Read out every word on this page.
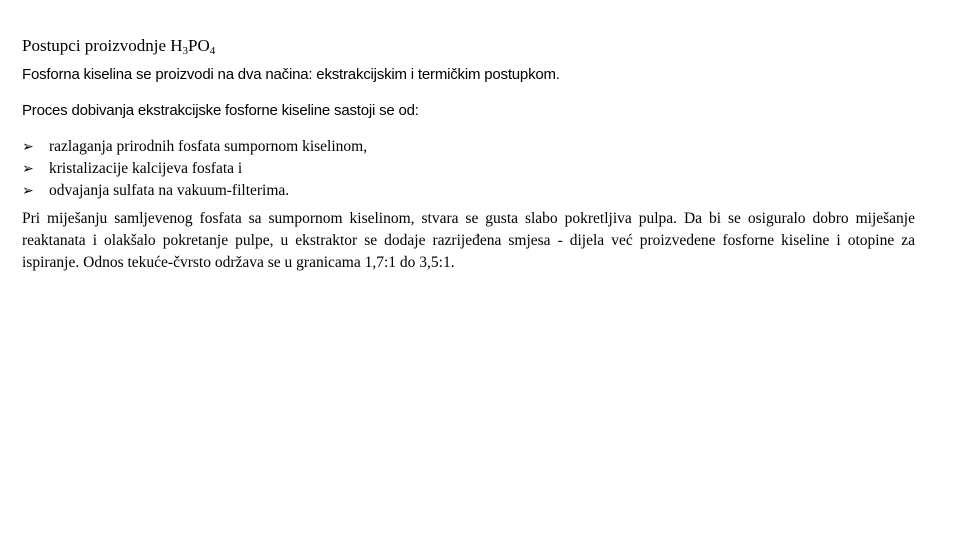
Postupci proizvodnje $H_3PO_4$

Fosforna kiselina se proizvodi na dva načina: ekstrakcijskim i termičkim postupkom.

Proces dobivanja ekstrakcijske fosforne kiseline sastoji se od:

➢ razlaganja prirodnih fosfata sumpornom kiselinom,
➢ kristalizacije kalcijeva fosfata i
➢ odvajanja sulfata na vakuum-filterima.

Pri miješanju samljevenog fosfata sa sumpornom kiselinom, stvara se gusta slabo pokretljiva pulpa. Da bi se osiguralo dobro miješanje reaktanata i olakšalo pokretanje pulpe, u ekstraktor se dodaje razrijeđena smjesa - dijela već proizvedene fosforne kiseline i otopine za ispiranje. Odnos tekuće-čvrsto održava se u granicama 1,7:1 do 3,5:1.
